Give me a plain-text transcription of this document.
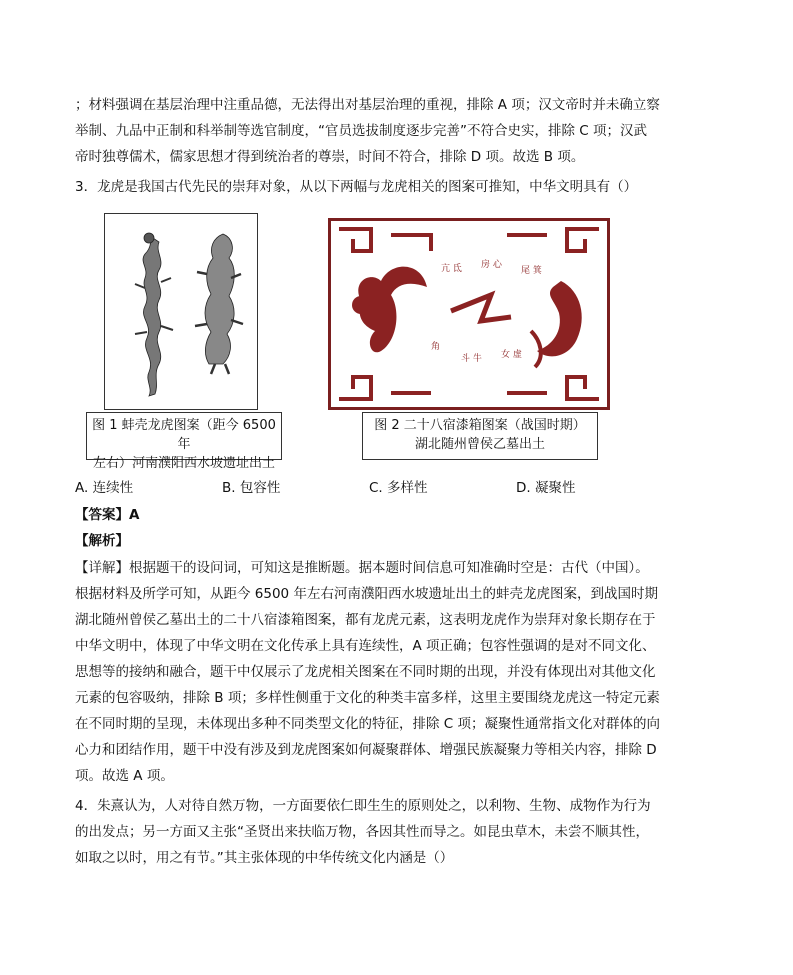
；材料强调在基层治理中注重品德，无法得出对基层治理的重视，排除 A 项；汉文帝时并未确立察
举制、九品中正制和科举制等选官制度，“官员选拔制度逐步完善”不符合史实，排除 C 项；汉武
帝时独尊儒术，儒家思想才得到统治者的尊崇，时间不符合，排除 D 项。故选 B 项。
3．龙虎是我国古代先民的崇拜对象，从以下两幅与龙虎相关的图案可推知，中华文明具有（）
亢 氐 房 心
尾 箕
角
斗 牛 女 虚
图 1 蚌壳龙虎图案（距今 6500 年
左右）河南濮阳西水坡遗址出土
图 2 二十八宿漆箱图案（战国时期）
湖北随州曾侯乙墓出土
A. 连续性	B. 包容性	C. 多样性	D. 凝聚性
【答案】A
【解析】
【详解】根据题干的设问词，可知这是推断题。据本题时间信息可知准确时空是：古代（中国）。
根据材料及所学可知，从距今 6500 年左右河南濮阳西水坡遗址出土的蚌壳龙虎图案，到战国时期
湖北随州曾侯乙墓出土的二十八宿漆箱图案，都有龙虎元素，这表明龙虎作为崇拜对象长期存在于
中华文明中，体现了中华文明在文化传承上具有连续性，A 项正确；包容性强调的是对不同文化、
思想等的接纳和融合，题干中仅展示了龙虎相关图案在不同时期的出现，并没有体现出对其他文化
元素的包容吸纳，排除 B 项；多样性侧重于文化的种类丰富多样，这里主要围绕龙虎这一特定元素
在不同时期的呈现，未体现出多种不同类型文化的特征，排除 C 项；凝聚性通常指文化对群体的向
心力和团结作用，题干中没有涉及到龙虎图案如何凝聚群体、增强民族凝聚力等相关内容，排除 D
项。故选 A 项。
4．朱熹认为，人对待自然万物，一方面要依仁即生生的原则处之，以利物、生物、成物作为行为
的出发点；另一方面又主张“圣贤出来扶临万物，各因其性而导之。如昆虫草木，未尝不顺其性，
如取之以时，用之有节。”其主张体现的中华传统文化内涵是（）
